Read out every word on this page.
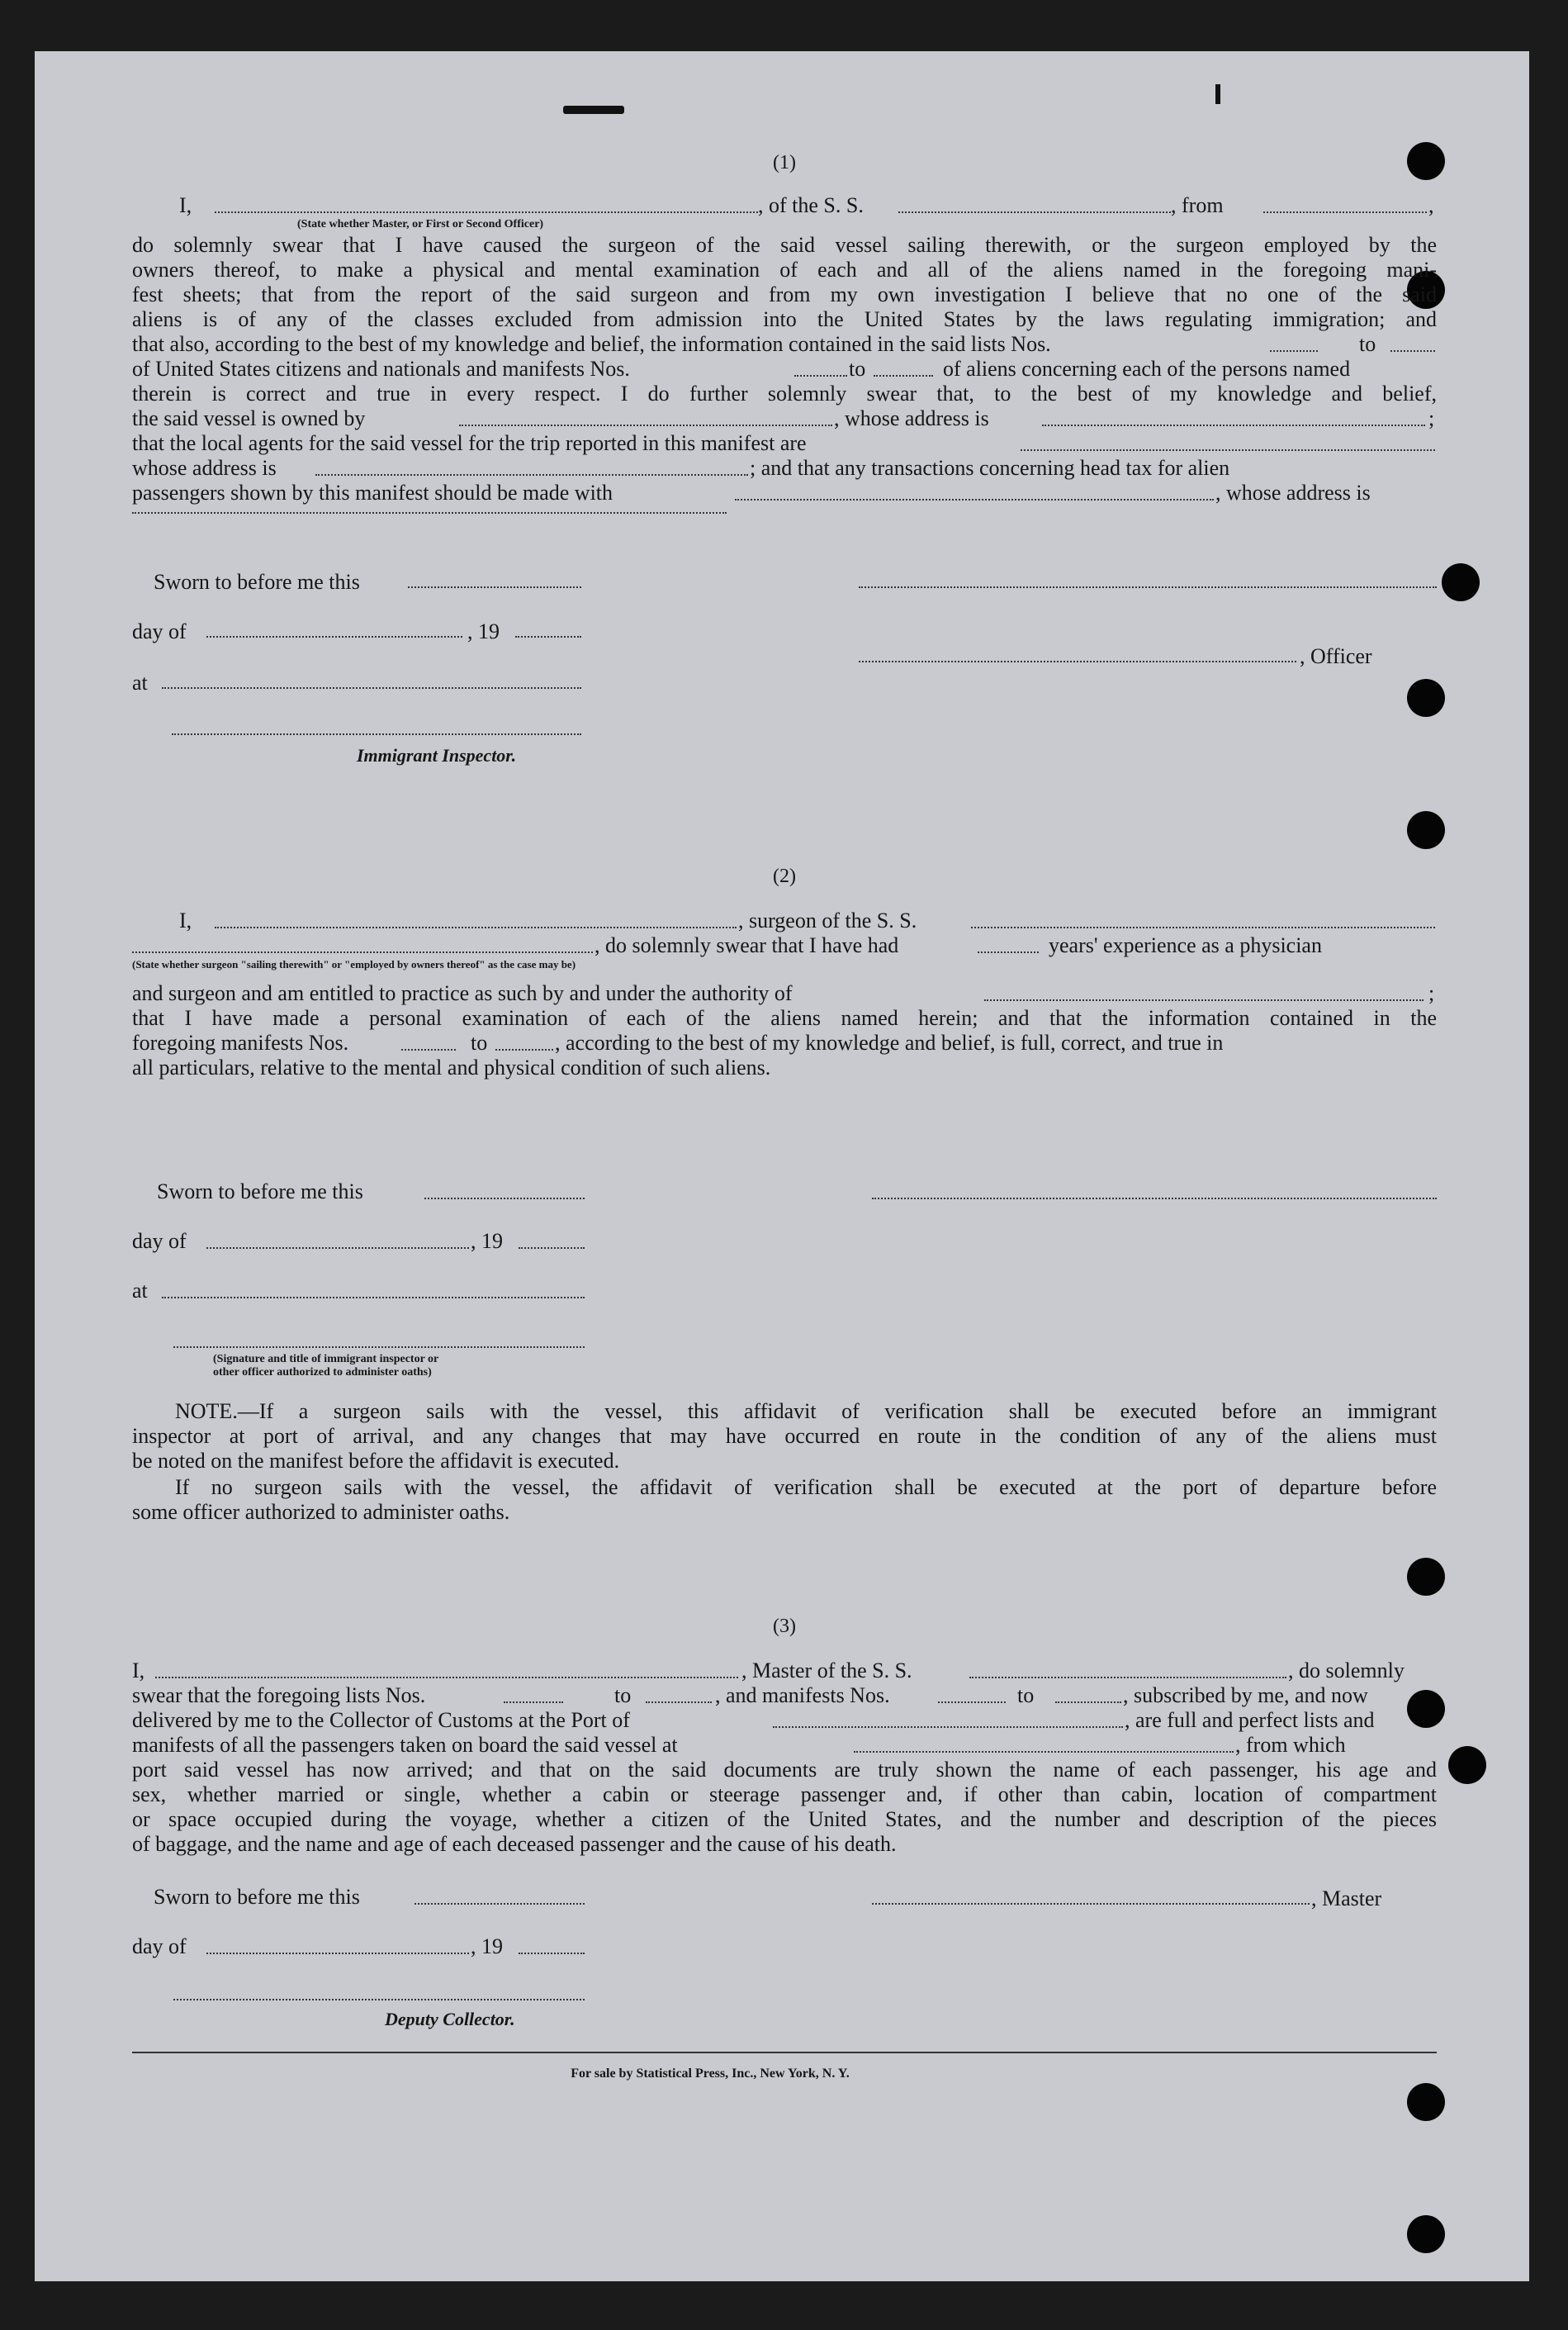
(1)
I,	, of the S. S.	, from	,
(State whether Master, or First or Second Officer)
do solemnly swear that I have caused the surgeon of the said vessel sailing therewith, or the surgeon employed by the
owners thereof, to make a physical and mental examination of each and all of the aliens named in the foregoing mani-
fest sheets; that from the report of the said surgeon and from my own investigation I believe that no one of the said
aliens is of any of the classes excluded from admission into the United States by the laws regulating immigration; and
that also, according to the best of my knowledge and belief, the information contained in the said lists Nos.	to
of United States citizens and nationals and manifests Nos.	to	of aliens concerning each of the persons named
therein is correct and true in every respect. I do further solemnly swear that, to the best of my knowledge and belief,
the said vessel is owned by	, whose address is	;
that the local agents for the said vessel for the trip reported in this manifest are
whose address is	; and that any transactions concerning head tax for alien
passengers shown by this manifest should be made with	, whose address is
Sworn to before me this
day of	, 19
, Officer
at
Immigrant Inspector.
(2)
I,	, surgeon of the S. S.
, do solemnly swear that I have had	years' experience as a physician
(State whether surgeon "sailing therewith" or "employed by owners thereof" as the case may be)
and surgeon and am entitled to practice as such by and under the authority of	;
that I have made a personal examination of each of the aliens named herein; and that the information contained in the
foregoing manifests Nos.	to	, according to the best of my knowledge and belief, is full, correct, and true in
all particulars, relative to the mental and physical condition of such aliens.
Sworn to before me this
day of	, 19
at
(Signature and title of immigrant inspector or
other officer authorized to administer oaths)
NOTE.—If a surgeon sails with the vessel, this affidavit of verification shall be executed before an immigrant
inspector at port of arrival, and any changes that may have occurred en route in the condition of any of the aliens must
be noted on the manifest before the affidavit is executed.
If no surgeon sails with the vessel, the affidavit of verification shall be executed at the port of departure before
some officer authorized to administer oaths.
(3)
I,	, Master of the S. S.	, do solemnly
swear that the foregoing lists Nos.	to	, and manifests Nos.	to	, subscribed by me, and now
delivered by me to the Collector of Customs at the Port of	, are full and perfect lists and
manifests of all the passengers taken on board the said vessel at	, from which
port said vessel has now arrived; and that on the said documents are truly shown the name of each passenger, his age and
sex, whether married or single, whether a cabin or steerage passenger and, if other than cabin, location of compartment
or space occupied during the voyage, whether a citizen of the United States, and the number and description of the pieces
of baggage, and the name and age of each deceased passenger and the cause of his death.
Sworn to before me this	, Master
day of	, 19
Deputy Collector.
For sale by Statistical Press, Inc., New York, N. Y.
